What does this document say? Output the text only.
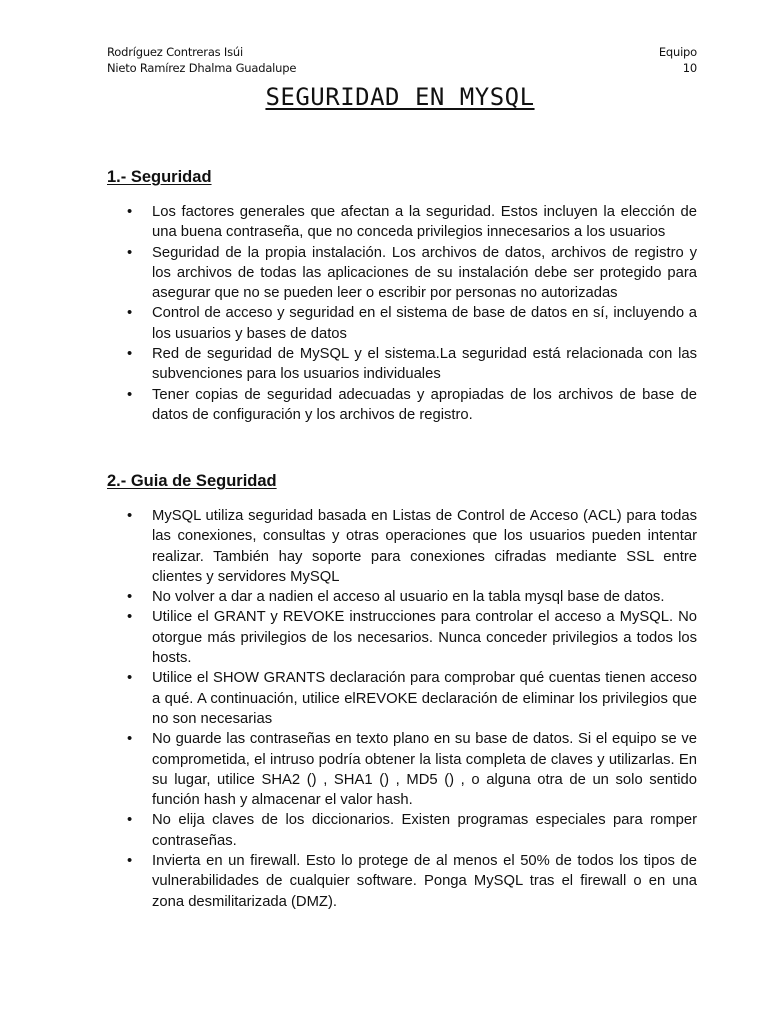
Rodríguez Contreras Isúi
Nieto Ramírez Dhalma Guadalupe
Equipo
10
SEGURIDAD EN MYSQL
1.- Seguridad
• Los factores generales que afectan a la seguridad. Estos incluyen la elección de una buena contraseña, que no conceda privilegios innecesarios a los usuarios
• Seguridad de la propia instalación. Los archivos de datos, archivos de registro y los archivos de todas las aplicaciones de su instalación debe ser protegido para asegurar que no se pueden leer o escribir por personas no autorizadas
• Control de acceso y seguridad en el sistema de base de datos en sí, incluyendo a los usuarios y bases de datos
• Red de seguridad de MySQL y el sistema.La seguridad está relacionada con las subvenciones para los usuarios individuales
• Tener copias de seguridad adecuadas y apropiadas de los archivos de base de datos de configuración y los archivos de registro.
2.- Guia de Seguridad
• MySQL utiliza seguridad basada en Listas de Control de Acceso (ACL) para todas las conexiones, consultas y otras operaciones que los usuarios pueden intentar realizar. También hay soporte para conexiones cifradas mediante SSL entre clientes y servidores MySQL
• No volver a dar a nadien el acceso al usuario en la tabla mysql base de datos.
• Utilice el GRANT y REVOKE instrucciones para controlar el acceso a MySQL. No otorgue más privilegios de los necesarios. Nunca conceder privilegios a todos los hosts.
• Utilice el SHOW GRANTS declaración para comprobar qué cuentas tienen acceso a qué. A continuación, utilice elREVOKE declaración de eliminar los privilegios que no son necesarias
• No guarde las contraseñas en texto plano en su base de datos. Si el equipo se ve comprometida, el intruso podría obtener la lista completa de claves y utilizarlas. En su lugar, utilice SHA2 () , SHA1 () , MD5 () , o alguna otra de un solo sentido función hash y almacenar el valor hash.
• No elija claves de los diccionarios. Existen programas especiales para romper contraseñas.
• Invierta en un firewall. Esto lo protege de al menos el 50% de todos los tipos de vulnerabilidades de cualquier software. Ponga MySQL tras el firewall o en una zona desmilitarizada (DMZ).
